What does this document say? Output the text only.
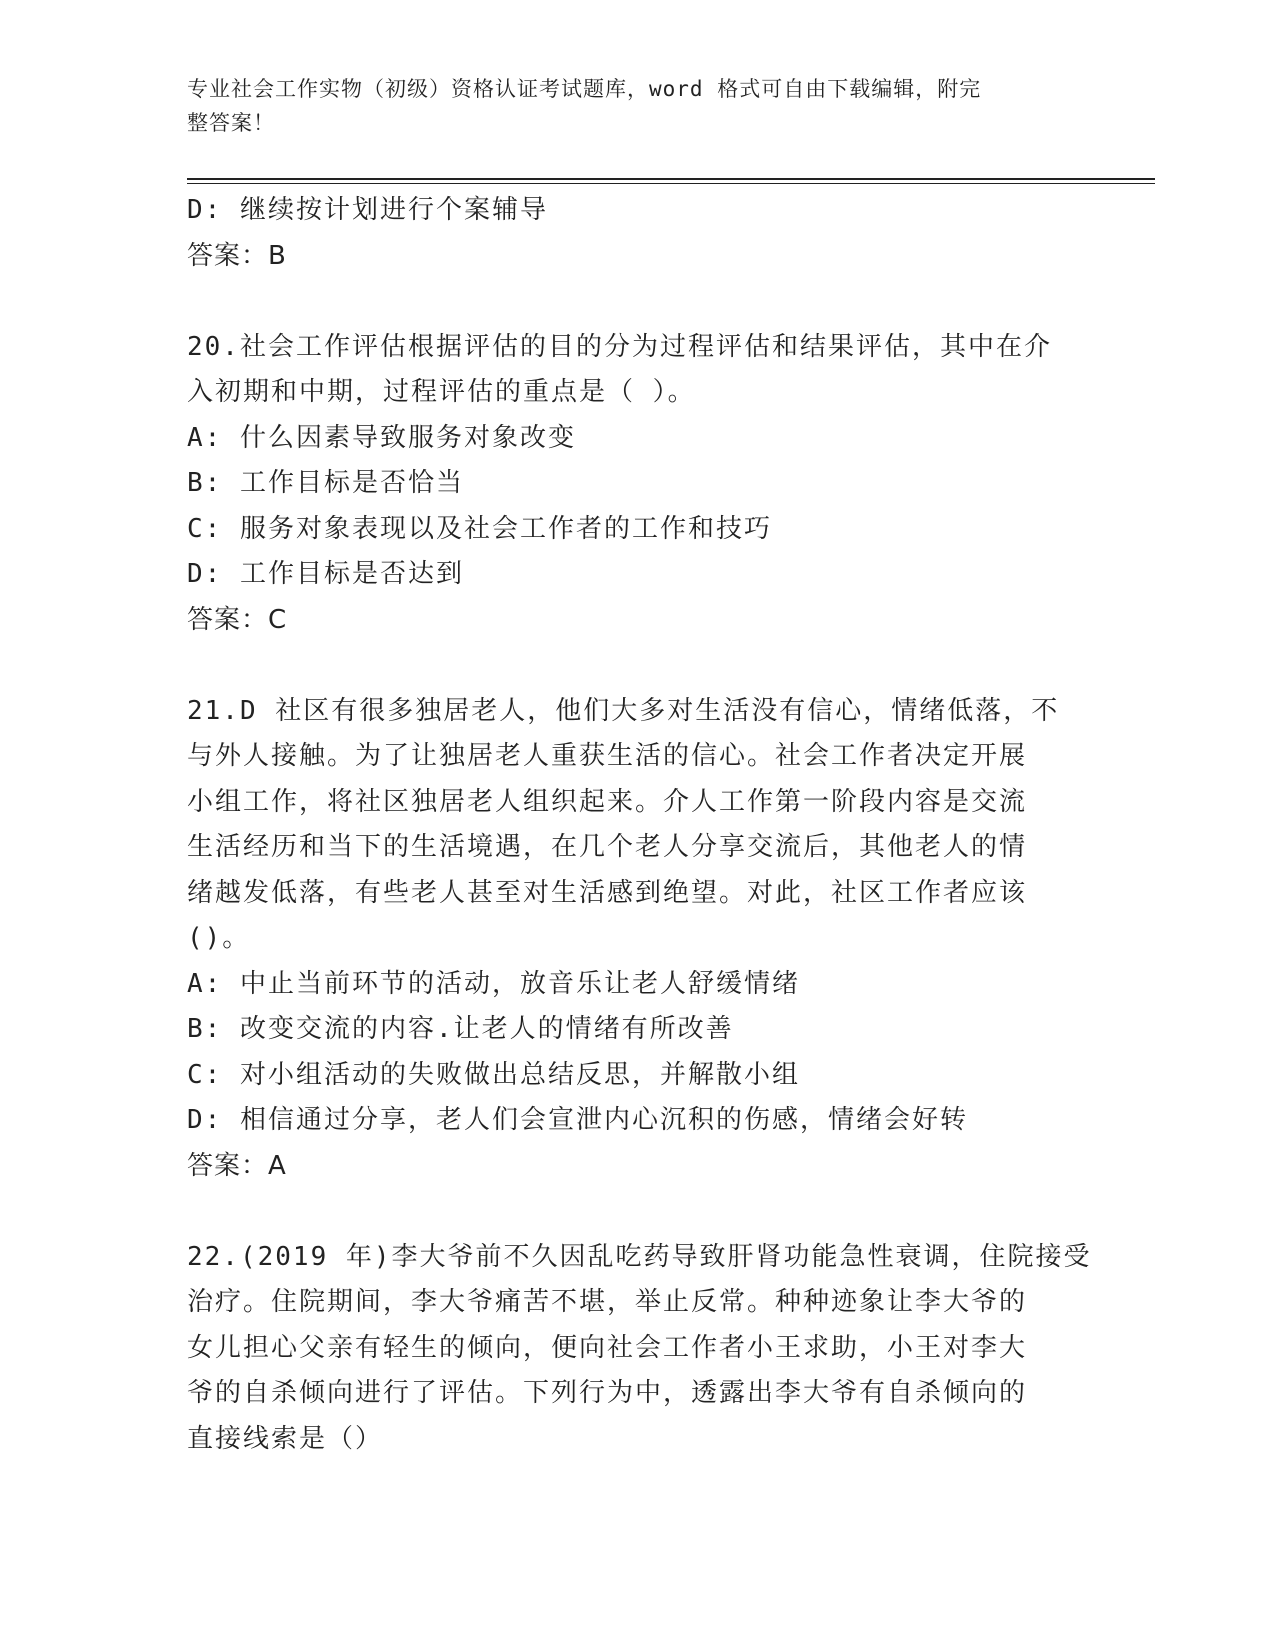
专业社会工作实物（初级）资格认证考试题库，word 格式可自由下载编辑，附完
整答案！
D: 继续按计划进行个案辅导
答案：B
20.社会工作评估根据评估的目的分为过程评估和结果评估，其中在介
入初期和中期，过程评估的重点是（ ）。
A: 什么因素导致服务对象改变
B: 工作目标是否恰当
C: 服务对象表现以及社会工作者的工作和技巧
D: 工作目标是否达到
答案：C
21.D 社区有很多独居老人，他们大多对生活没有信心，情绪低落，不
与外人接触。为了让独居老人重获生活的信心。社会工作者决定开展
小组工作，将社区独居老人组织起来。介人工作第一阶段内容是交流
生活经历和当下的生活境遇，在几个老人分享交流后，其他老人的情
绪越发低落，有些老人甚至对生活感到绝望。对此，社区工作者应该
()。
A: 中止当前环节的活动，放音乐让老人舒缓情绪
B: 改变交流的内容.让老人的情绪有所改善
C: 对小组活动的失败做出总结反思，并解散小组
D: 相信通过分享，老人们会宣泄内心沉积的伤感，情绪会好转
答案：A
22.(2019 年)李大爷前不久因乱吃药导致肝肾功能急性衰调，住院接受
治疗。住院期间，李大爷痛苦不堪，举止反常。种种迹象让李大爷的
女儿担心父亲有轻生的倾向，便向社会工作者小王求助，小王对李大
爷的自杀倾向进行了评估。下列行为中，透露出李大爷有自杀倾向的
直接线索是（）
